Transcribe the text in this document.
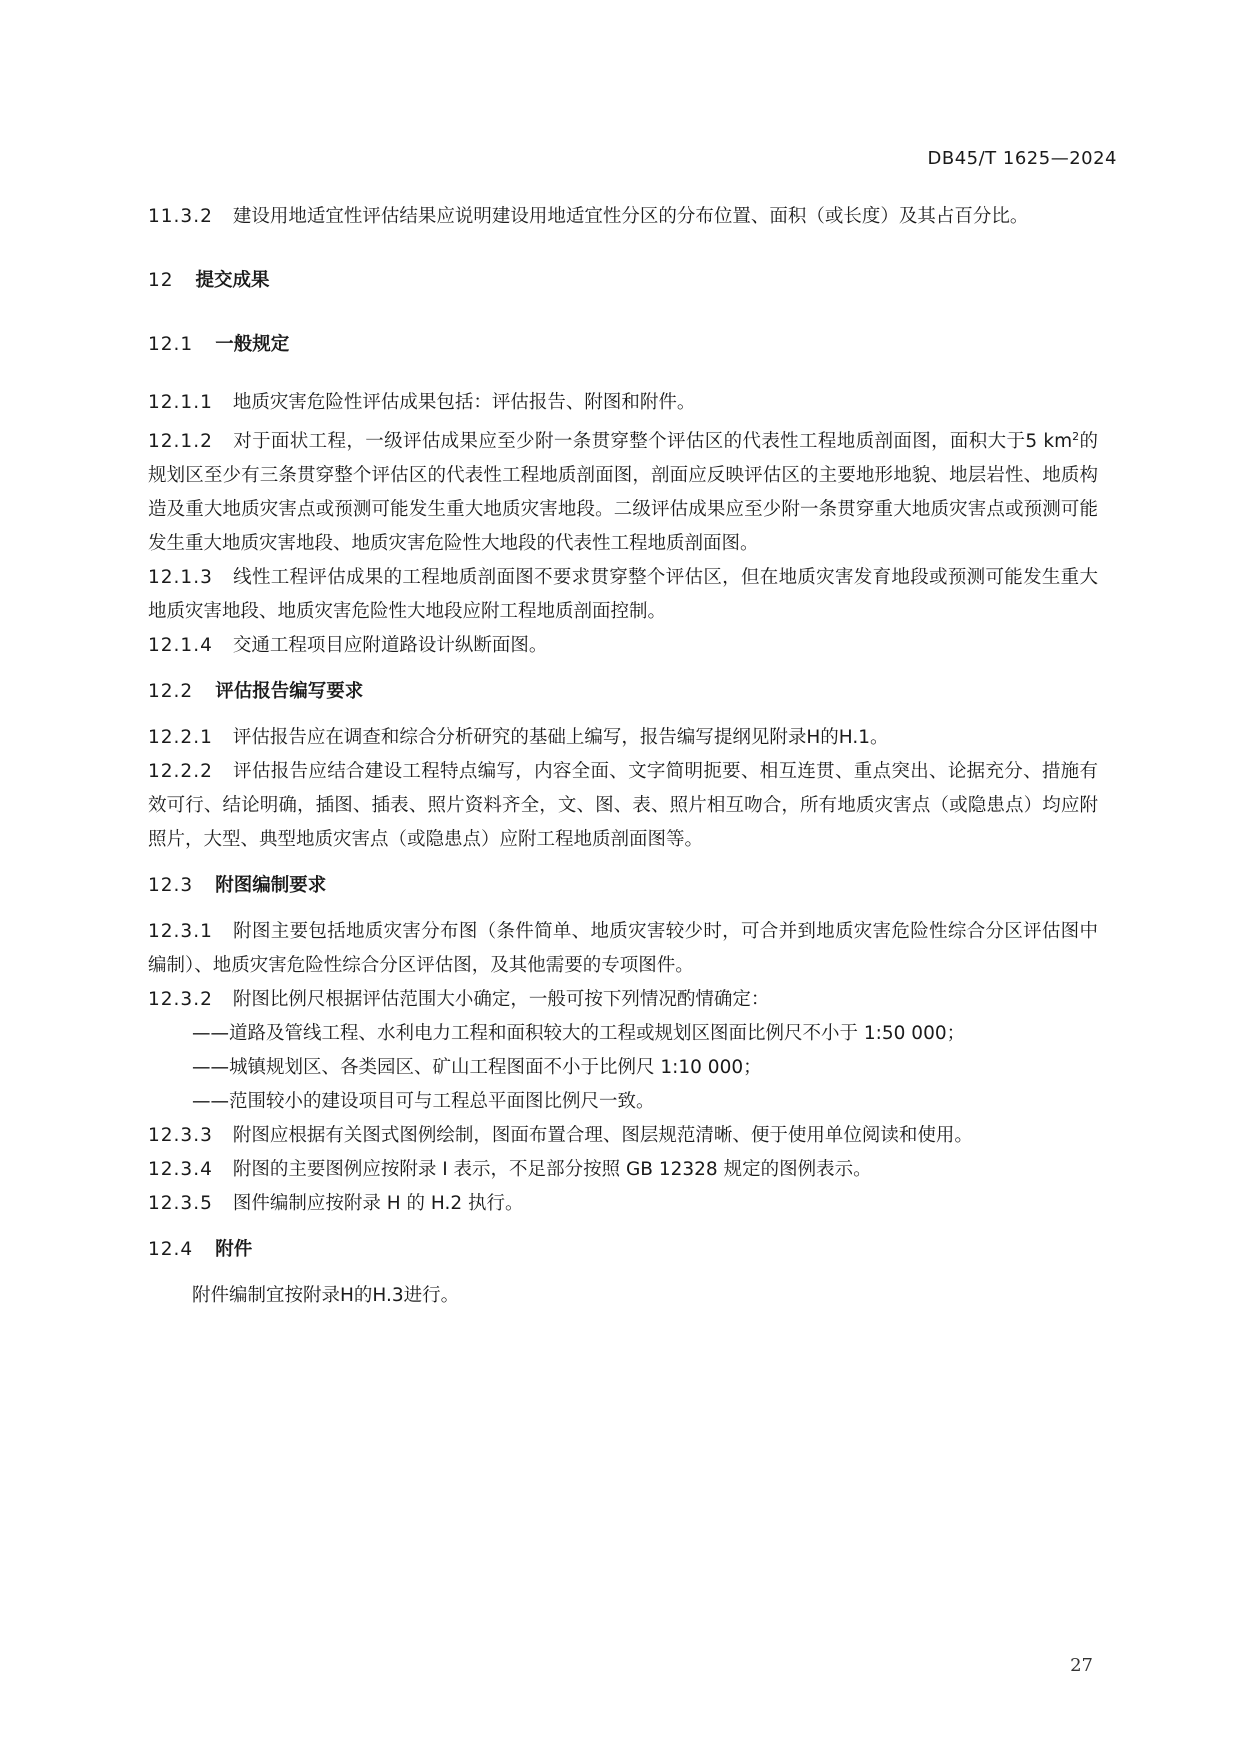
DB45/T 1625—2024

11.3.2 建设用地适宜性评估结果应说明建设用地适宜性分区的分布位置、面积（或长度）及其占百分比。

12 提交成果

12.1 一般规定

12.1.1 地质灾害危险性评估成果包括：评估报告、附图和附件。

12.1.2 对于面状工程，一级评估成果应至少附一条贯穿整个评估区的代表性工程地质剖面图，面积大于5 $km^2$的规划区至少有三条贯穿整个评估区的代表性工程地质剖面图，剖面应反映评估区的主要地形地貌、地层岩性、地质构造及重大地质灾害点或预测可能发生重大地质灾害地段。二级评估成果应至少附一条贯穿重大地质灾害点或预测可能发生重大地质灾害地段、地质灾害危险性大地段的代表性工程地质剖面图。

12.1.3 线性工程评估成果的工程地质剖面图不要求贯穿整个评估区，但在地质灾害发育地段或预测可能发生重大地质灾害地段、地质灾害危险性大地段应附工程地质剖面控制。

12.1.4 交通工程项目应附道路设计纵断面图。

12.2 评估报告编写要求

12.2.1 评估报告应在调查和综合分析研究的基础上编写，报告编写提纲见附录H的H.1。

12.2.2 评估报告应结合建设工程特点编写，内容全面、文字简明扼要、相互连贯、重点突出、论据充分、措施有效可行、结论明确，插图、插表、照片资料齐全，文、图、表、照片相互吻合，所有地质灾害点（或隐患点）均应附照片，大型、典型地质灾害点（或隐患点）应附工程地质剖面图等。

12.3 附图编制要求

12.3.1 附图主要包括地质灾害分布图（条件简单、地质灾害较少时，可合并到地质灾害危险性综合分区评估图中编制）、地质灾害危险性综合分区评估图，及其他需要的专项图件。

12.3.2 附图比例尺根据评估范围大小确定，一般可按下列情况酌情确定：

——道路及管线工程、水利电力工程和面积较大的工程或规划区图面比例尺不小于 1:50 000；

——城镇规划区、各类园区、矿山工程图面不小于比例尺 1:10 000；

——范围较小的建设项目可与工程总平面图比例尺一致。

12.3.3 附图应根据有关图式图例绘制，图面布置合理、图层规范清晰、便于使用单位阅读和使用。

12.3.4 附图的主要图例应按附录 I 表示，不足部分按照 GB 12328 规定的图例表示。

12.3.5 图件编制应按附录 H 的 H.2 执行。

12.4 附件

附件编制宜按附录H的H.3进行。

27
